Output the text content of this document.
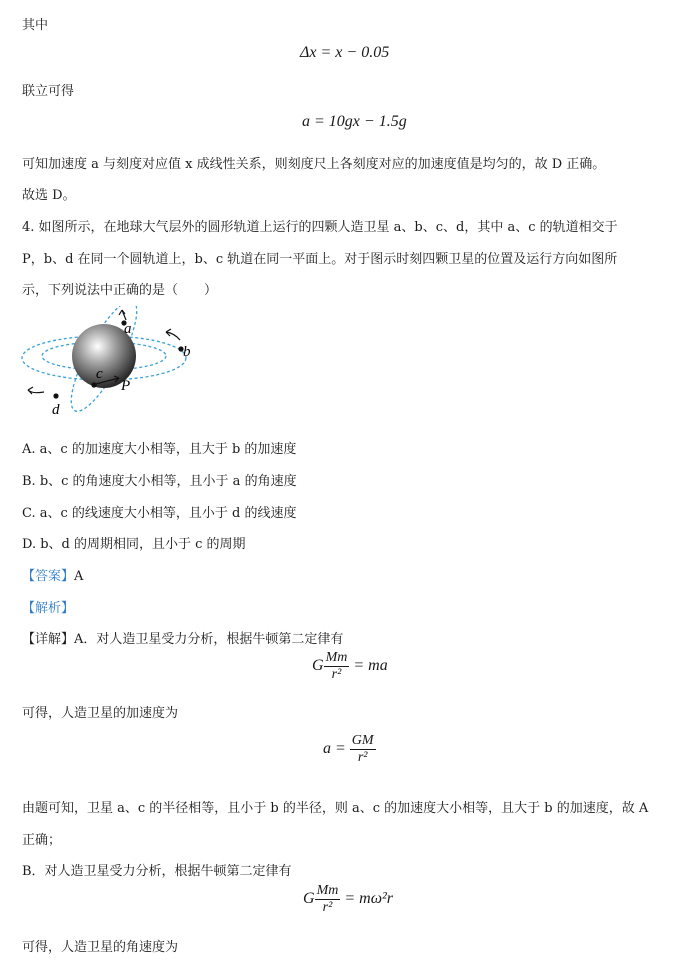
其中
Δx = x − 0.05
联立可得
a = 10gx − 1.5g
可知加速度 a 与刻度对应值 x 成线性关系，则刻度尺上各刻度对应的加速度值是均匀的，故 D 正确。
故选 D。
4. 如图所示，在地球大气层外的圆形轨道上运行的四颗人造卫星 a、b、c、d，其中 a、c 的轨道相交于
P，b、d 在同一个圆轨道上，b、c 轨道在同一平面上。对于图示时刻四颗卫星的位置及运行方向如图所
示，下列说法中正确的是（　　）
a
b
c
d
P
A. a、c 的加速度大小相等，且大于 b 的加速度
B. b、c 的角速度大小相等，且小于 a 的角速度
C. a、c 的线速度大小相等，且小于 d 的线速度
D. b、d 的周期相同，且小于 c 的周期
【答案】A
【解析】
【详解】A．对人造卫星受力分析，根据牛顿第二定律有
G $\frac{Mm}{\text{r²}}$ = ma
可得，人造卫星的加速度为
$a = \frac{GM}{\text{r²}}$
由题可知，卫星 a、c 的半径相等，且小于 b 的半径，则 a、c 的加速度大小相等，且大于 b 的加速度，故 A
正确；
B．对人造卫星受力分析，根据牛顿第二定律有
G $\frac{Mm}{\text{r²}} = m\omega^2r$
可得，人造卫星的角速度为
